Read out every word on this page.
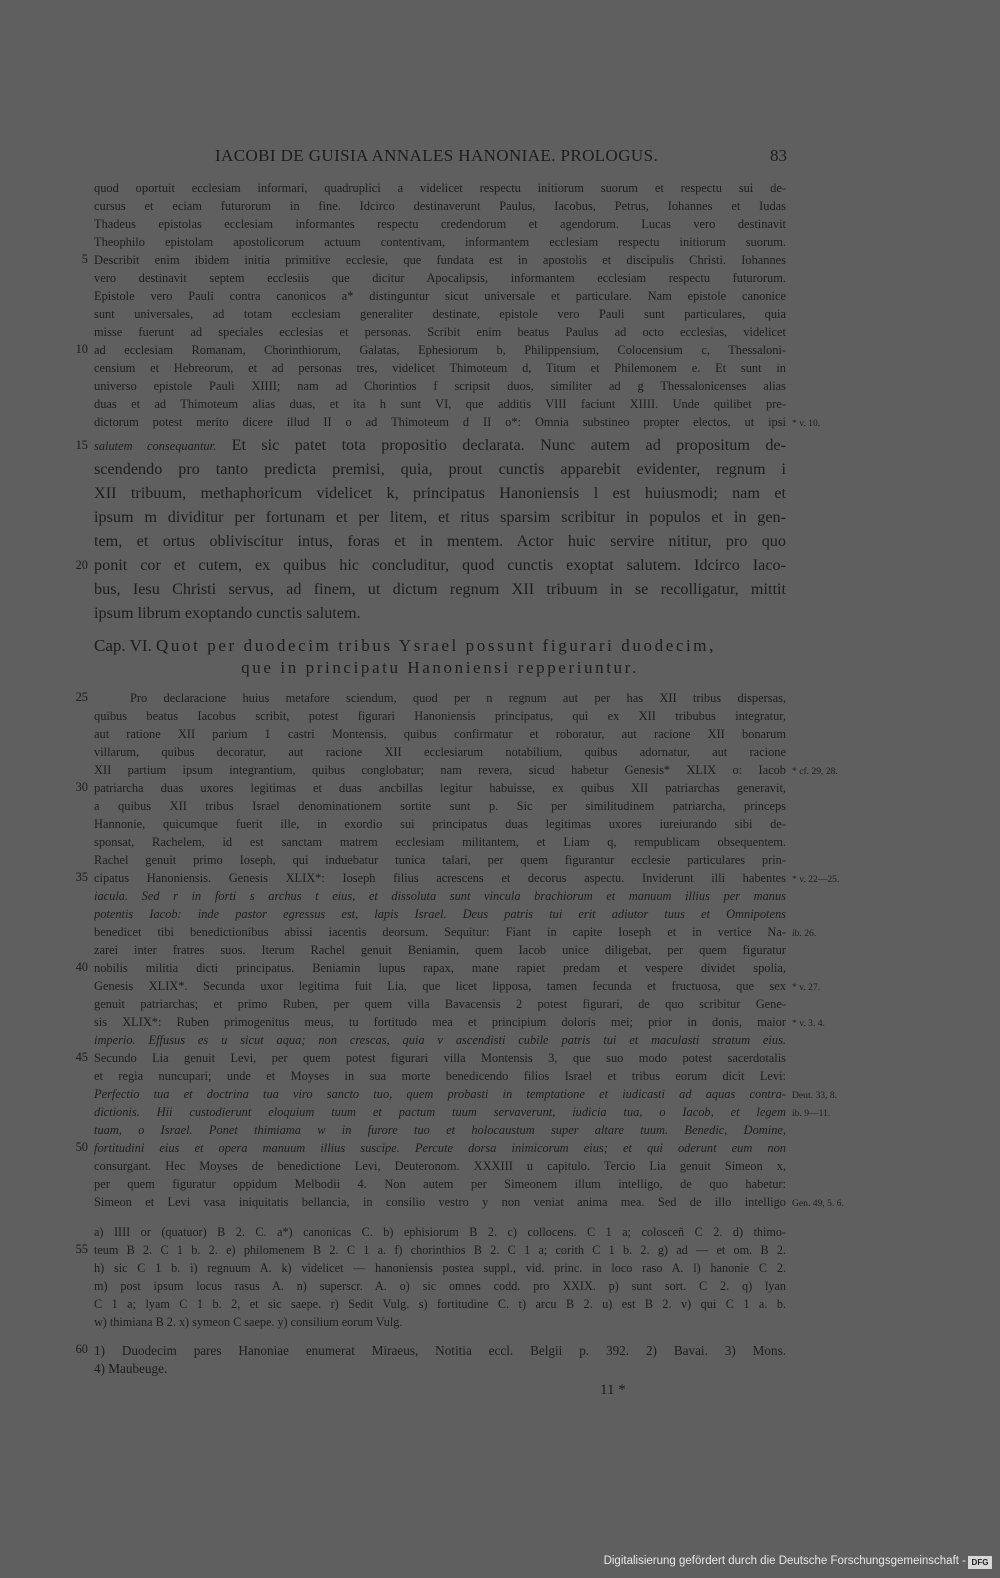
IACOBI DE GUISIA ANNALES HANONIAE. PROLOGUS.	83
quod oportuit ecclesiam informari, quadruplici a videlicet respectu initiorum suorum et respectu sui de-
cursus et eciam futurorum in fine. Idcirco destinaverunt Paulus, Iacobus, Petrus, Iohannes et Iudas
Thadeus epistolas ecclesiam informantes respectu credendorum et agendorum. Lucas vero destinavit
Theophilo epistolam apostolicorum actuum contentivam, informantem ecclesiam respectu initiorum suorum.
Describit enim ibidem initia primitive ecclesie, que fundata est in apostolis et discipulis Christi. Iohannes
vero destinavit septem ecclesiis que dicitur Apocalipsis, informantem ecclesiam respectu futurorum.
Epistole vero Pauli contra canonicos a* distinguntur sicut universale et particulare. Nam epistole canonice
sunt universales, ad totam ecclesiam generaliter destinate, epistole vero Pauli sunt particulares, quia
misse fuerunt ad speciales ecclesias et personas. Scribit enim beatus Paulus ad octo ecclesias, videlicet
ad ecclesiam Romanam, Chorinthiorum, Galatas, Ephesiorum b, Philippensium, Colocensium c, Thessaloni-
censium et Hebreorum, et ad personas tres, videlicet Thimoteum d, Titum et Philemonem e. Et sunt in
universo epistole Pauli XIIII; nam ad Chorintios f scripsit duos, similiter ad g Thessalonicenses alias
duas et ad Thimoteum alias duas, et ita h sunt VI, que additis VIII faciunt XIIII. Unde quilibet pre-
dictorum potest merito dicere illud II o ad Thimoteum d II o*: Omnia substineo propter electos, ut ipsi
salutem consequantur. Et sic patet tota propositio declarata. Nunc autem ad propositum de-
scendendo pro tanto predicta premisi, quia, prout cunctis apparebit evidenter, regnum i
XII tribuum, methaphoricum videlicet k, principatus Hanoniensis l est huiusmodi; nam et
ipsum m dividitur per fortunam et per litem, et ritus sparsim scribitur in populos et in gen-
tem, et ortus obliviscitur intus, foras et in mentem. Actor huic servire nititur, pro quo
ponit cor et cutem, ex quibus hic concluditur, quod cunctis exoptat salutem. Idcirco Iaco-
bus, Iesu Christi servus, ad finem, ut dictum regnum XII tribuum in se recolligatur, mittit
ipsum librum exoptando cunctis salutem.
Cap. VI. Quot per duodecim tribus Ysrael possunt figurari duodecim,
que in principatu Hanoniensi repperiuntur.
Pro declaracione huius metafore sciendum, quod per n regnum aut per has XII tribus dispersas,
quibus beatus Iacobus scribit, potest figurari Hanoniensis principatus, qui ex XII tribubus integratur,
aut ratione XII parium 1 castri Montensis, quibus confirmatur et roboratur, aut racione XII bonarum
villarum, quibus decoratur, aut racione XII ecclesiarum notabilium, quibus adornatur, aut racione
XII partium ipsum integrantium, quibus conglobatur; nam revera, sicud habetur Genesis* XLIX o: Iacob
patriarcha duas uxores legitimas et duas ancbillas legitur habuisse, ex quibus XII patriarchas generavit,
a quibus XII tribus Israel denominationem sortite sunt p. Sic per similitudinem patriarcha, princeps
Hannonie, quicumque fuerit ille, in exordio sui principatus duas legitimas uxores iureiurando sibi de-
sponsat, Rachelem, id est sanctam matrem ecclesiam militantem, et Liam q, rempublicam obsequentem.
Rachel genuit primo Ioseph, qui induebatur tunica talari, per quem figurantur ecclesie particulares prin-
cipatus Hanoniensis. Genesis XLIX*: Ioseph filius acrescens et decorus aspectu. Inviderunt illi habentes
iacula. Sed r in forti s archus t eius, et dissoluta sunt vincula brachiorum et manuum illius per manus
potentis Iacob: inde pastor egressus est, lapis Israel. Deus patris tui erit adiutor tuus et Omnipotens
benedicet tibi benedictionibus abissi iacentis deorsum. Sequitur: Fiant in capite Ioseph et in vertice Na-
zarei inter fratres suos. Iterum Rachel genuit Beniamin, quem Iacob unice diligebat, per quem figuratur
nobilis militia dicti principatus. Beniamin lupus rapax, mane rapiet predam et vespere dividet spolia,
Genesis XLIX*. Secunda uxor legitima fuit Lia, que licet lipposa, tamen fecunda et fructuosa, que sex
genuit patriarchas; et primo Ruben, per quem villa Bavacensis 2 potest figurari, de quo scribitur Gene-
sis XLIX*: Ruben primogenitus meus, tu fortitudo mea et principium doloris mei; prior in donis, maior
imperio. Effusus es u sicut aqua; non crescas, quia v ascendisti cubile patris tui et maculasti stratum eius.
Secundo Lia genuit Levi, per quem potest figurari villa Montensis 3, que suo modo potest sacerdotalis
et regia nuncupari; unde et Moyses in sua morte benedicendo filios Israel et tribus eorum dicit Levi:
Perfectio tua et doctrina tua viro sancto tuo, quem probasti in temptatione et iudicasti ad aquas contra-
dictionis. Hii custodierunt eloquium tuum et pactum tuum servaverunt, iudicia tua, o Iacob, et legem
tuam, o Israel. Ponet thimiama w in furore tuo et holocaustum super altare tuum. Benedic, Domine,
fortitudini eius et opera manuum illius suscipe. Percute dorsa inimicorum eius; et qui oderunt eum non
consurgant. Hec Moyses de benedictione Levi, Deuteronom. XXXIII u capitulo. Tercio Lia genuit Simeon x,
per quem figuratur oppidum Melbodii 4. Non autem per Simeonem illum intelligo, de quo habetur:
Simeon et Levi vasa iniquitatis bellancia, in consilio vestro y non veniat anima mea. Sed de illo intelligo
a) IIII or (quatuor) B 2. C. a*) canonicas C. b) ephisiorum B 2. c) collocens. C 1 a; colosceñ C 2. d) thimo-
teum B 2. C 1 b. 2. e) philomenem B 2. C 1 a. f) chorinthios B 2. C 1 a; corith C 1 b. 2. g) ad — et om. B 2.
h) sic C 1 b. i) regnuum A. k) videlicet — hanoniensis postea suppl., vid. princ. in loco raso A. l) hanonie C 2.
m) post ipsum locus rasus A. n) superscr. A. o) sic omnes codd. pro XXIX. p) sunt sort. C 2. q) lyan
C 1 a; lyam C 1 b. 2, et sic saepe. r) Sedit Vulg. s) fortitudine C. t) arcu B 2. u) est B 2. v) qui C 1 a. b.
w) thimiana B 2. x) symeon C saepe. y) consilium eorum Vulg.
1) Duodecim pares Hanoniae enumerat Miraeus, Notitia eccl. Belgii p. 392. 2) Bavai. 3) Mons.
4) Maubeuge.
5
10
15
20
25
30
35
40
45
50
55
60
* v. 10.
* cf. 29, 28.
* v. 22—25.
ib. 26.
* v. 27.
* v. 3. 4.
Deut. 33, 8.
ib. 9—11.
Gen. 49, 5. 6.
11 *
Digitalisierung gefördert durch die Deutsche Forschungsgemeinschaft - DFG
